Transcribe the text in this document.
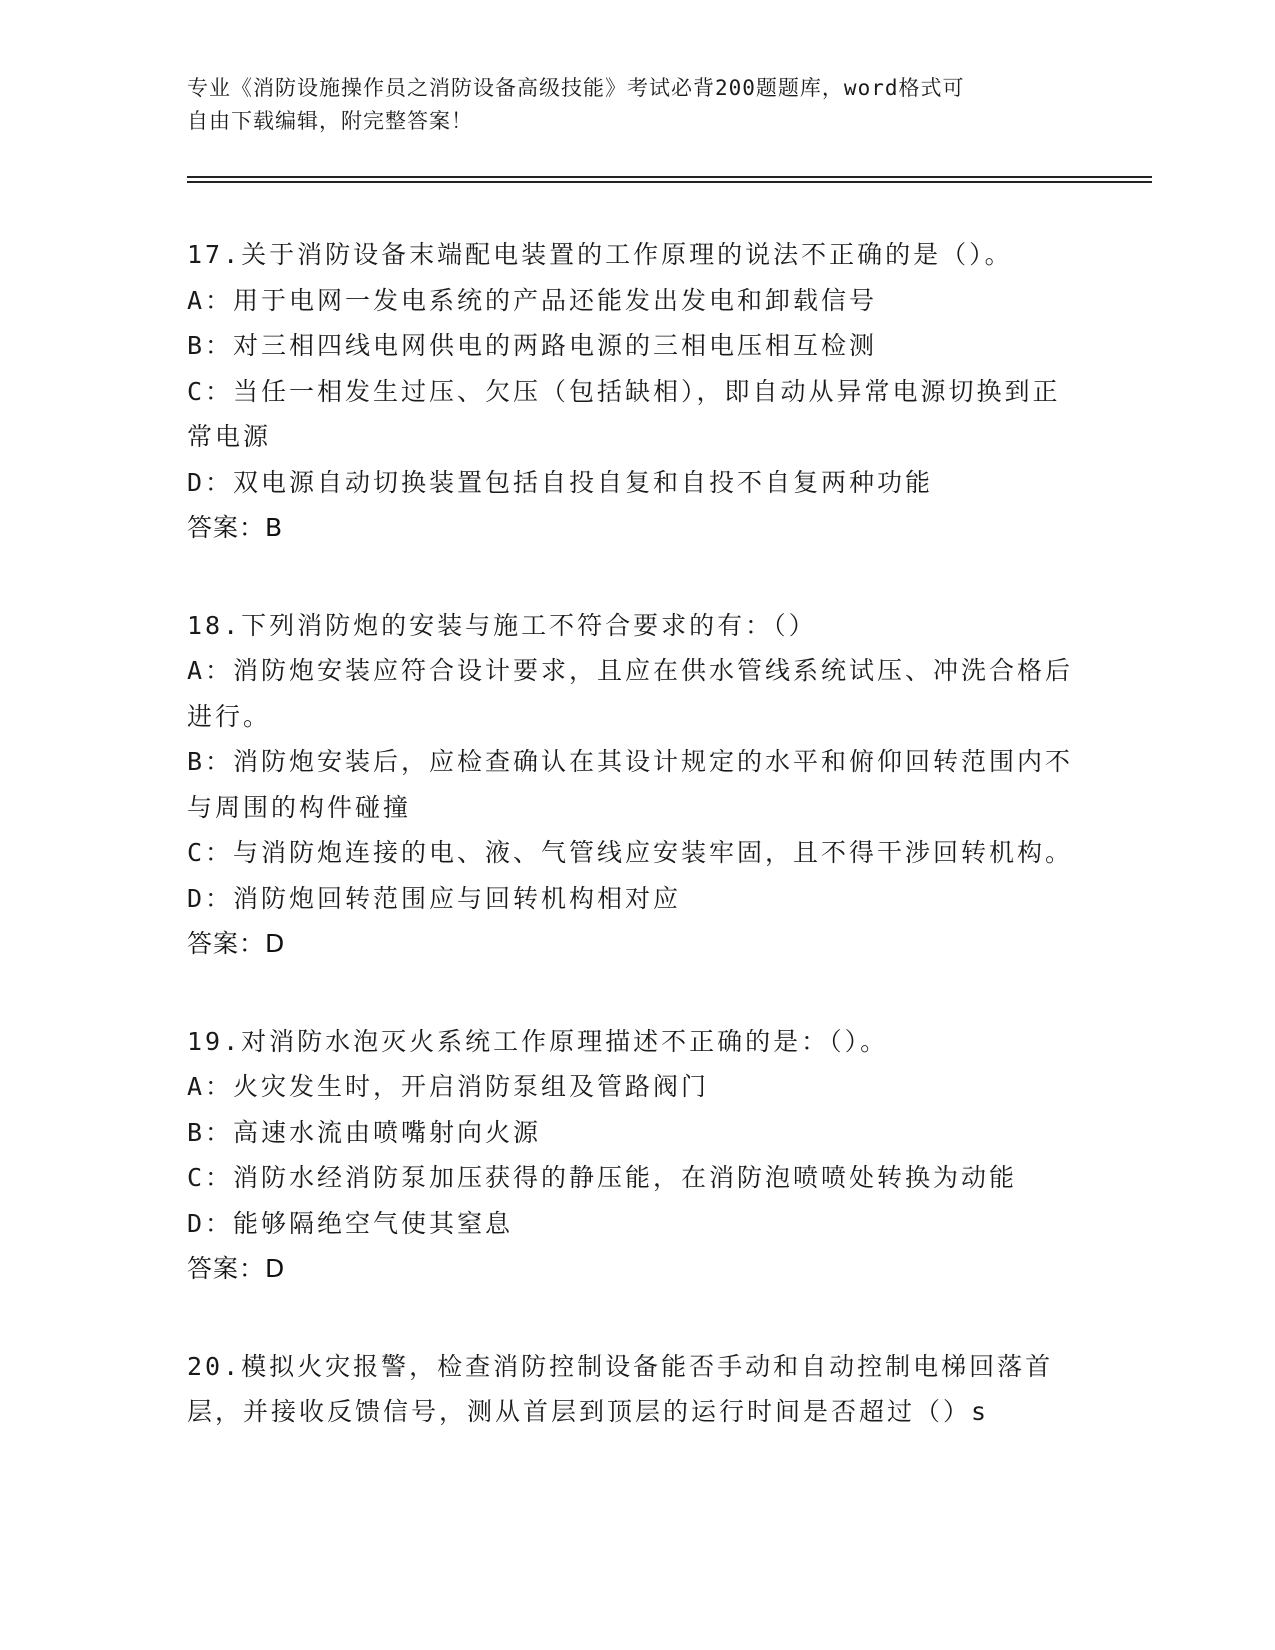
专业《消防设施操作员之消防设备高级技能》考试必背200题题库，word格式可
自由下载编辑，附完整答案！
17.关于消防设备末端配电装置的工作原理的说法不正确的是（）。
A：用于电网一发电系统的产品还能发出发电和卸载信号
B：对三相四线电网供电的两路电源的三相电压相互检测
C：当任一相发生过压、欠压（包括缺相），即自动从异常电源切换到正常电源
D：双电源自动切换装置包括自投自复和自投不自复两种功能
答案：B
18.下列消防炮的安装与施工不符合要求的有：（）
A：消防炮安装应符合设计要求，且应在供水管线系统试压、冲洗合格后进行。
B：消防炮安装后，应检查确认在其设计规定的水平和俯仰回转范围内不与周围的构件碰撞
C：与消防炮连接的电、液、气管线应安装牢固，且不得干涉回转机构。
D：消防炮回转范围应与回转机构相对应
答案：D
19.对消防水泡灭火系统工作原理描述不正确的是：（）。
A：火灾发生时，开启消防泵组及管路阀门
B：高速水流由喷嘴射向火源
C：消防水经消防泵加压获得的静压能，在消防泡喷喷处转换为动能
D：能够隔绝空气使其窒息
答案：D
20.模拟火灾报警，检查消防控制设备能否手动和自动控制电梯回落首层，并接收反馈信号，测从首层到顶层的运行时间是否超过（）s
